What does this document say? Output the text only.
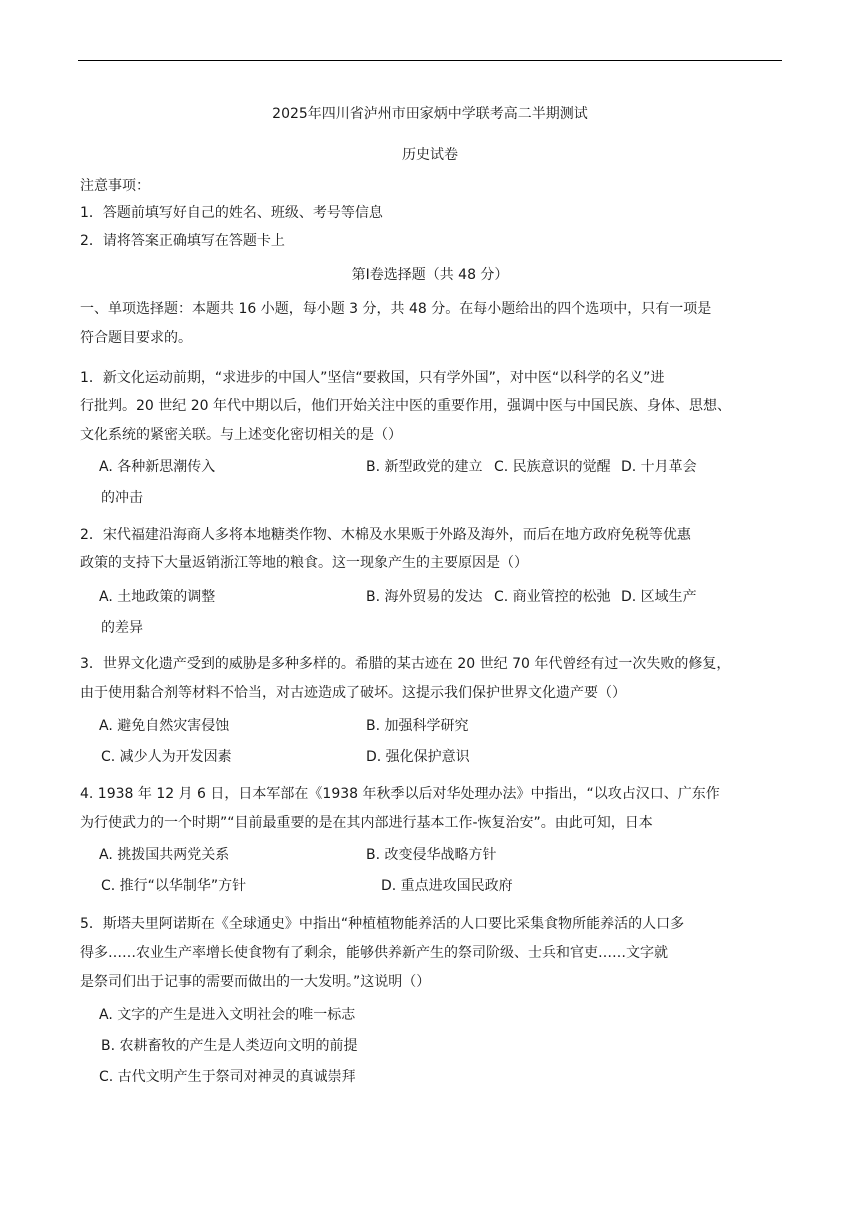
2025年四川省泸州市田家炳中学联考高二半期测试
历史试卷
注意事项：
1．答题前填写好自己的姓名、班级、考号等信息
2．请将答案正确填写在答题卡上
第Ⅰ卷选择题（共 48 分）
一、单项选择题：本题共 16 小题，每小题 3 分，共 48 分。在每小题给出的四个选项中，只有一项是
符合题目要求的。
1．新文化运动前期，“求进步的中国人”坚信“要救国，只有学外国”，对中医“以科学的名义”进
行批判。20 世纪 20 年代中期以后，他们开始关注中医的重要作用，强调中医与中国民族、身体、思想、
文化系统的紧密关联。与上述变化密切相关的是（）
A. 各种新思潮传入	B. 新型政党的建立 C. 民族意识的觉醒 D. 十月革会
的冲击
2．宋代福建沿海商人多将本地糖类作物、木棉及水果贩于外路及海外，而后在地方政府免税等优惠
政策的支持下大量返销浙江等地的粮食。这一现象产生的主要原因是（）
A. 土地政策的调整	B. 海外贸易的发达 C. 商业管控的松弛 D. 区域生产
的差异
3．世界文化遗产受到的威胁是多种多样的。希腊的某古迹在 20 世纪 70 年代曾经有过一次失败的修复，
由于使用黏合剂等材料不恰当，对古迹造成了破坏。这提示我们保护世界文化遗产要（）
A. 避免自然灾害侵蚀	B. 加强科学研究
C. 减少人为开发因素	D. 强化保护意识
4. 1938 年 12 月 6 日，日本军部在《1938 年秋季以后对华处理办法》中指出，“以攻占汉口、广东作
为行使武力的一个时期”“目前最重要的是在其内部进行基本工作-恢复治安”。由此可知，日本
A. 挑拨国共两党关系	B. 改变侵华战略方针
C. 推行“以华制华”方针	D. 重点进攻国民政府
5．斯塔夫里阿诺斯在《全球通史》中指出“种植植物能养活的人口要比采集食物所能养活的人口多
得多……农业生产率增长使食物有了剩余，能够供养新产生的祭司阶级、士兵和官吏……文字就
是祭司们出于记事的需要而做出的一大发明。”这说明（）
A. 文字的产生是进入文明社会的唯一标志
B. 农耕畜牧的产生是人类迈向文明的前提
C. 古代文明产生于祭司对神灵的真诚崇拜
